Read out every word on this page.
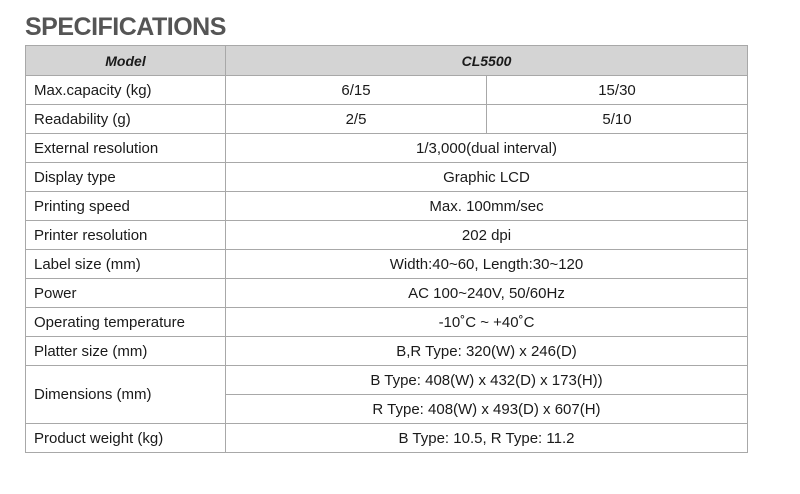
SPECIFICATIONS
Model	CL5500	
Max.capacity (kg)	6/15	15/30
Readability (g)	2/5	5/10
External resolution	1/3,000(dual interval)	
Display type	Graphic LCD	
Printing speed	Max. 100mm/sec	
Printer resolution	202 dpi	
Label size (mm)	Width:40~60, Length:30~120	
Power	AC 100~240V, 50/60Hz	
Operating temperature	-10˚C ~ +40˚C	
Platter size (mm)	B,R Type: 320(W) x 246(D)	
Dimensions (mm)	B Type: 408(W) x 432(D) x 173(H))	
	R Type: 408(W) x 493(D) x 607(H)	
Product weight (kg)	B Type: 10.5, R Type: 11.2	
